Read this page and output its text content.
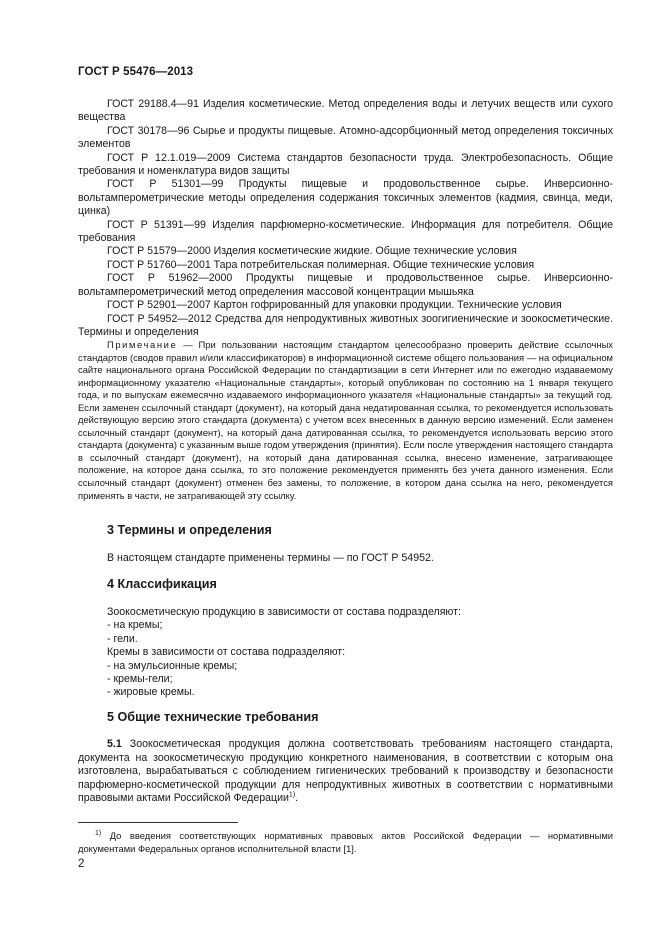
ГОСТ Р 55476—2013

ГОСТ 29188.4—91 Изделия косметические. Метод определения воды и летучих веществ или сухого вещества

ГОСТ 30178—96 Сырье и продукты пищевые. Атомно-адсорбционный метод определения токсичных элементов

ГОСТ Р 12.1.019—2009 Система стандартов безопасности труда. Электробезопасность. Общие требования и номенклатура видов защиты

ГОСТ Р 51301—99 Продукты пищевые и продовольственное сырье. Инверсионно-вольтамперометрические методы определения содержания токсичных элементов (кадмия, свинца, меди, цинка)

ГОСТ Р 51391—99 Изделия парфюмерно-косметические. Информация для потребителя. Общие требования

ГОСТ Р 51579—2000 Изделия косметические жидкие. Общие технические условия

ГОСТ Р 51760—2001 Тара потребительская полимерная. Общие технические условия

ГОСТ Р 51962—2000 Продукты пищевые и продовольственное сырье. Инверсионно-вольтамперометрический метод определения массовой концентрации мышьяка

ГОСТ Р 52901—2007 Картон гофрированный для упаковки продукции. Технические условия

ГОСТ Р 54952—2012 Средства для непродуктивных животных зоогигиенические и зоокосметические. Термины и определения

Примечание — При пользовании настоящим стандартом целесообразно проверить действие ссылочных стандартов (сводов правил и/или классификаторов) в информационной системе общего пользования — на официальном сайте национального органа Российской Федерации по стандартизации в сети Интернет или по ежегодно издаваемому информационному указателю «Национальные стандарты», который опубликован по состоянию на 1 января текущего года, и по выпускам ежемесячно издаваемого информационного указателя «Национальные стандарты» за текущий год. Если заменен ссылочный стандарт (документ), на который дана недатированная ссылка, то рекомендуется использовать действующую версию этого стандарта (документа) с учетом всех внесенных в данную версию изменений. Если заменен ссылочный стандарт (документ), на который дана датированная ссылка, то рекомендуется использовать версию этого стандарта (документа) с указанным выше годом утверждения (принятия). Если после утверждения настоящего стандарта в ссылочный стандарт (документ), на который дана датированная ссылка, внесено изменение, затрагивающее положение, на которое дана ссылка, то это положение рекомендуется применять без учета данного изменения. Если ссылочный стандарт (документ) отменен без замены, то положение, в котором дана ссылка на него, рекомендуется применять в части, не затрагивающей эту ссылку.

3 Термины и определения

В настоящем стандарте применены термины — по ГОСТ Р 54952.

4 Классификация
Зоокосметическую продукцию в зависимости от состава подразделяют:
- на кремы;
- гели.
Кремы в зависимости от состава подразделяют:
- на эмульсионные кремы;
- кремы-гели;
- жировые кремы.
5 Общие технические требования

5.1 Зоокосметическая продукция должна соответствовать требованиям настоящего стандарта, документа на зоокосметическую продукцию конкретного наименования, в соответствии с которым она изготовлена, вырабатываться с соблюдением гигиенических требований к производству и безопасности парфюмерно-косметической продукции для непродуктивных животных в соответствии с нормативными правовыми актами Российской Федерации$^{1)}$.

$^{1)}$ До введения соответствующих нормативных правовых актов Российской Федерации — нормативными документами Федеральных органов исполнительной власти [1].

2
